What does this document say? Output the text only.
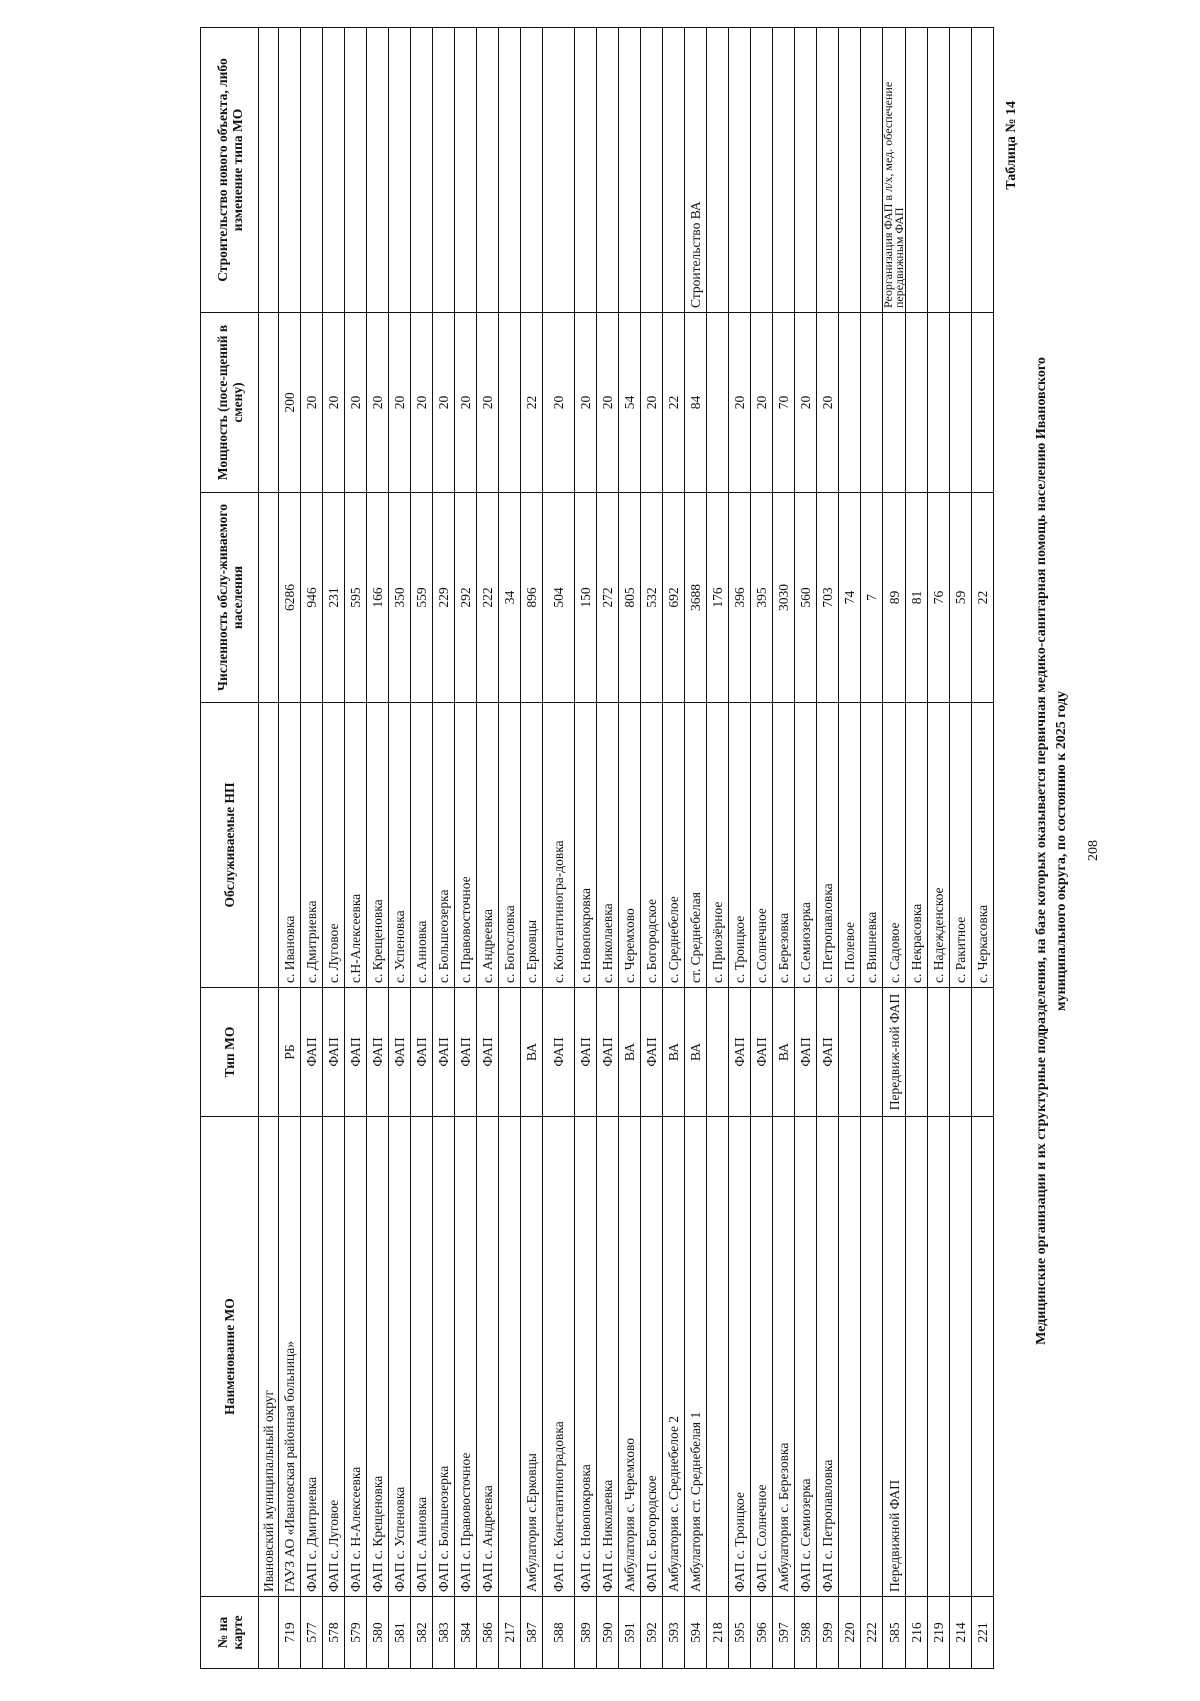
208
Медицинские организации и их структурные подразделения, на базе которых оказывается первичная медико-санитарная помощь населению Ивановского муниципального округа, по состоянию к 2025 году
Таблица № 14
№ на карте	Наименование МО	Тип МО	Обслуживаемые НП	Численность обслу-живаемого населения	Мощность (посе-щений в смену)	Строительство нового объекта, либо изменение типа МО
	Ивановский муниципальный округ					
719	ГАУЗ АО «Ивановская районная больница»	РБ	с. Ивановка	6286	200	
577	ФАП с. Дмитриевка	ФАП	с. Дмитриевка	946	20	
578	ФАП с. Луговое	ФАП	с. Луговое	231	20	
579	ФАП с. Н-Алексеевка	ФАП	с.Н-Алексеевка	595	20	
580	ФАП с. Крещеновка	ФАП	с. Крещеновка	166	20	
581	ФАП с. Успеновка	ФАП	с. Успеновка	350	20	
582	ФАП с. Анновка	ФАП	с. Анновка	559	20	
583	ФАП с. Большеозерка	ФАП	с. Большеозерка	229	20	
584	ФАП с. Правовосточное	ФАП	с. Правовосточное	292	20	
586	ФАП с. Андреевка	ФАП	с. Андреевка	222	20	
217			с. Богословка	34		
587	Амбулатория с.Ерковцы	ВА	с. Ерковцы	896	22	
588	ФАП с. Константиноградовка	ФАП	с. Константиногра-довка	504	20	
589	ФАП с. Новопокровка	ФАП	с. Новопокровка	150	20	
590	ФАП с. Николаевка	ФАП	с. Николаевка	272	20	
591	Амбулатория с. Черемхово	ВА	с. Черемхово	805	54	
592	ФАП с. Богородское	ФАП	с. Богородское	532	20	
593	Амбулатория с. Среднебелое 2	ВА	с. Среднебелое	692	22	
594	Амбулатория ст. Среднебелая 1	ВА	ст. Среднебелая	3688	84	Строительство ВА
218			с. Приозёрное	176		
595	ФАП с. Троицкое	ФАП	с. Троицкое	396	20	
596	ФАП с. Солнечное	ФАП	с. Солнечное	395	20	
597	Амбулатория с. Березовка	ВА	с. Березовка	3030	70	
598	ФАП с. Семиозерка	ФАП	с. Семиозерка	560	20	
599	ФАП с. Петропавловка	ФАП	с. Петропавловка	703	20	
220			с. Полевое	74		
222			с. Вишневка	7		
585	Передвижной ФАП	Передвиж-ной ФАП	с. Садовое	89		Реорганизация ФАП в л/х, мед. обеспечение передвижным ФАП
216			с. Некрасовка	81		
219			с. Надежденское	76		
214			с. Ракитное	59		
221			с. Черкасовка	22		
